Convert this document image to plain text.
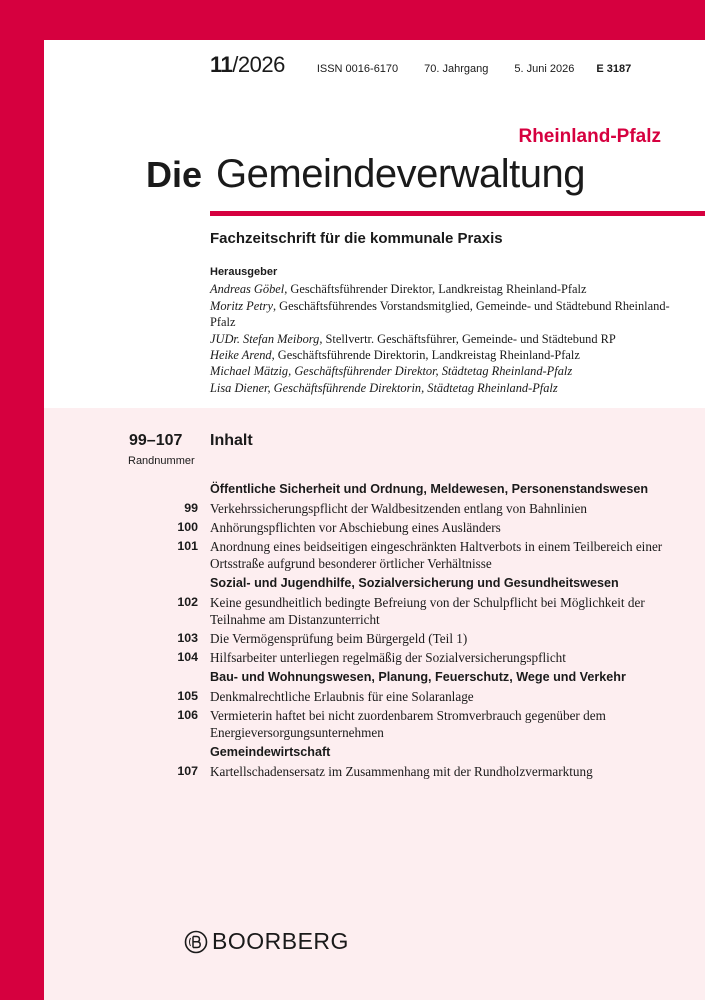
11 /2026	ISSN 0016-6170 70. Jahrgang 5. Juni 2026 E 3187
Rheinland-Pfalz
Die Gemeindeverwaltung
Fachzeitschrift für die kommunale Praxis
Herausgeber

Andreas Göbel, Geschäftsführender Direktor, Landkreistag Rheinland-Pfalz

Moritz Petry, Geschäftsführendes Vorstandsmitglied, Gemeinde- und Städtebund Rheinland-Pfalz

JUDr. Stefan Meiborg, Stellvertr. Geschäftsführer, Gemeinde- und Städtebund RP

Heike Arend, Geschäftsführende Direktorin, Landkreistag Rheinland-Pfalz

Michael Mätzig, Geschäftsführender Direktor, Städtetag Rheinland-Pfalz

Lisa Diener, Geschäftsführende Direktorin, Städtetag Rheinland-Pfalz

99–107
Randnummer
Inhalt
Öffentliche Sicherheit und Ordnung, Meldewesen, Personenstandswesen
99 Verkehrssicherungspflicht der Waldbesitzenden entlang von Bahnlinien
100 Anhörungspflichten vor Abschiebung eines Ausländers
101 Anordnung eines beidseitigen eingeschränkten Haltverbots in einem Teilbereich einer Ortsstraße aufgrund besonderer örtlicher Verhältnisse
Sozial- und Jugendhilfe, Sozialversicherung und Gesundheitswesen
102 Keine gesundheitlich bedingte Befreiung von der Schulpflicht bei Möglichkeit der Teilnahme am Distanzunterricht
103 Die Vermögensprüfung beim Bürgergeld (Teil 1)
104 Hilfsarbeiter unterliegen regelmäßig der Sozialversicherungspflicht
Bau- und Wohnungswesen, Planung, Feuerschutz, Wege und Verkehr
105 Denkmalrechtliche Erlaubnis für eine Solaranlage
106 Vermieterin haftet bei nicht zuordenbarem Stromverbrauch gegenüber dem Energieversorgungsunternehmen
Gemeindewirtschaft
107 Kartellschadensersatz im Zusammenhang mit der Rundholzvermarktung
BOORBERG
